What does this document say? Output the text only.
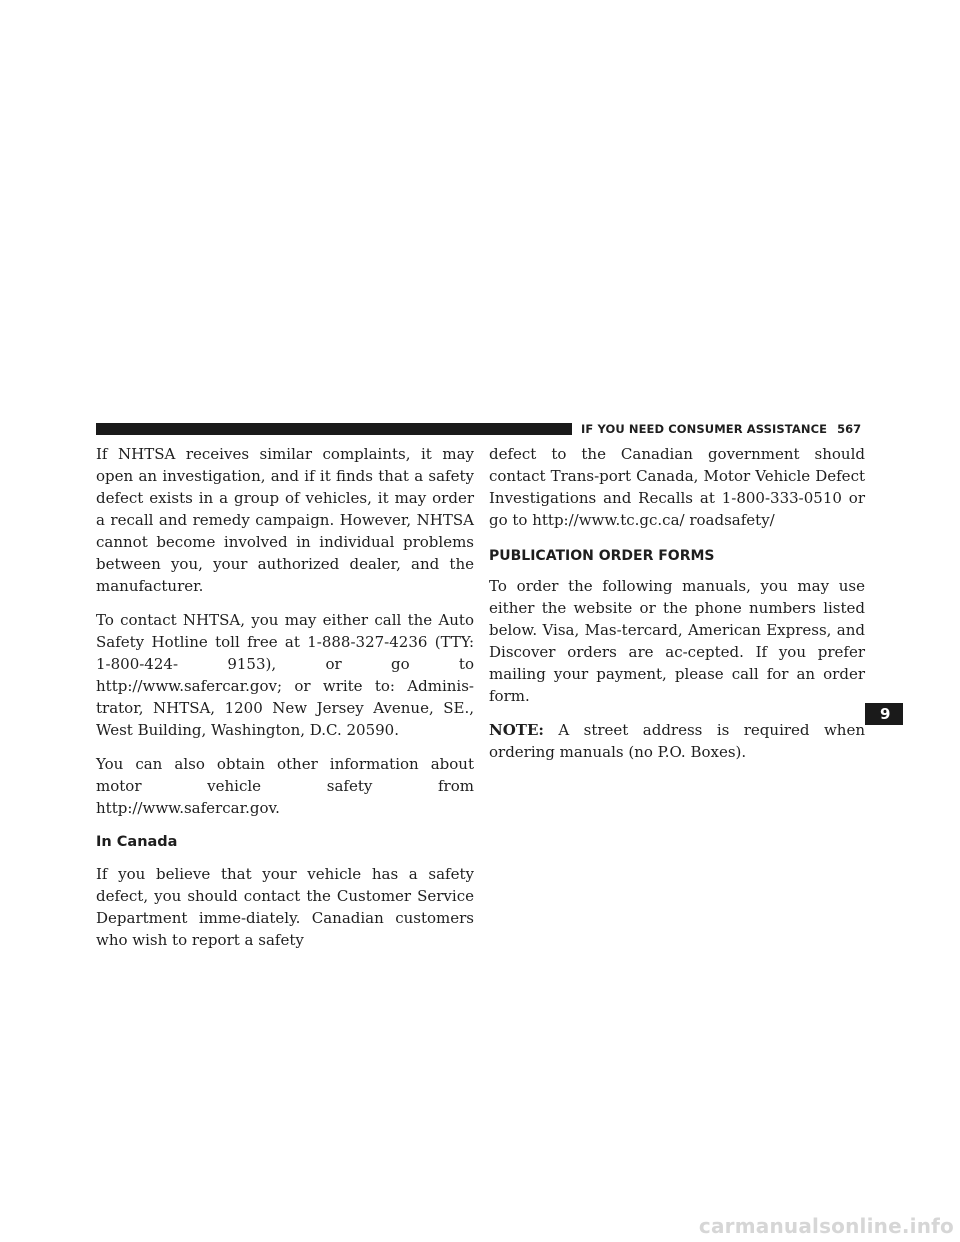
IF YOU NEED CONSUMER ASSISTANCE 567

If NHTSA receives similar complaints, it may open an investigation, and if it finds that a safety defect exists in a group of vehicles, it may order a recall and remedy campaign. However, NHTSA cannot become involved in individual problems between you, your authorized dealer, and the manufacturer.

To contact NHTSA, you may either call the Auto Safety Hotline toll free at 1-888-327-4236 (TTY: 1-800-424- 9153), or go to http://www.safercar.gov; or write to: Adminis-trator, NHTSA, 1200 New Jersey Avenue, SE., West Building, Washington, D.C. 20590.

You can also obtain other information about motor vehicle safety from http://www.safercar.gov.

In Canada

If you believe that your vehicle has a safety defect, you should contact the Customer Service Department imme-diately. Canadian customers who wish to report a safety

defect to the Canadian government should contact Trans-port Canada, Motor Vehicle Defect Investigations and Recalls at 1-800-333-0510 or go to http://www.tc.gc.ca/ roadsafety/

PUBLICATION ORDER FORMS

To order the following manuals, you may use either the website or the phone numbers listed below. Visa, Mas-tercard, American Express, and Discover orders are ac-cepted. If you prefer mailing your payment, please call for an order form.

NOTE: A street address is required when ordering manuals (no P.O. Boxes).

9
carmanualsonline.info
